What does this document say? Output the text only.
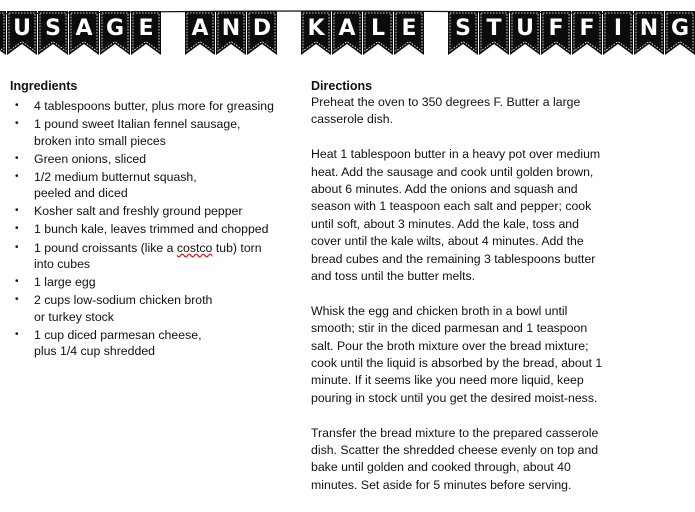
U S A G E	A N D K A L E	S T U F F I N G

Ingredients

• 4 tablespoons butter, plus more for greasing
• 1 pound sweet Italian fennel sausage,
broken into small pieces
• Green onions, sliced
• 1/2 medium butternut squash,
peeled and diced
• Kosher salt and freshly ground pepper
• 1 bunch kale, leaves trimmed and chopped
• 1 pound croissants (like a costco tub) torn
into cubes
• 1 large egg
• 2 cups low-sodium chicken broth
or turkey stock
• 1 cup diced parmesan cheese,
plus 1/4 cup shredded

Directions

Preheat the oven to 350 degrees F. Butter a large
casserole dish.

Heat 1 tablespoon butter in a heavy pot over medium
heat. Add the sausage and cook until golden brown,
about 6 minutes. Add the onions and squash and
season with 1 teaspoon each salt and pepper; cook
until soft, about 3 minutes. Add the kale, toss and
cover until the kale wilts, about 4 minutes. Add the
bread cubes and the remaining 3 tablespoons butter
and toss until the butter melts.

Whisk the egg and chicken broth in a bowl until
smooth; stir in the diced parmesan and 1 teaspoon
salt. Pour the broth mixture over the bread mixture;
cook until the liquid is absorbed by the bread, about 1
minute. If it seems like you need more liquid, keep
pouring in stock until you get the desired moist-ness.

Transfer the bread mixture to the prepared casserole
dish. Scatter the shredded cheese evenly on top and
bake until golden and cooked through, about 40
minutes. Set aside for 5 minutes before serving.
